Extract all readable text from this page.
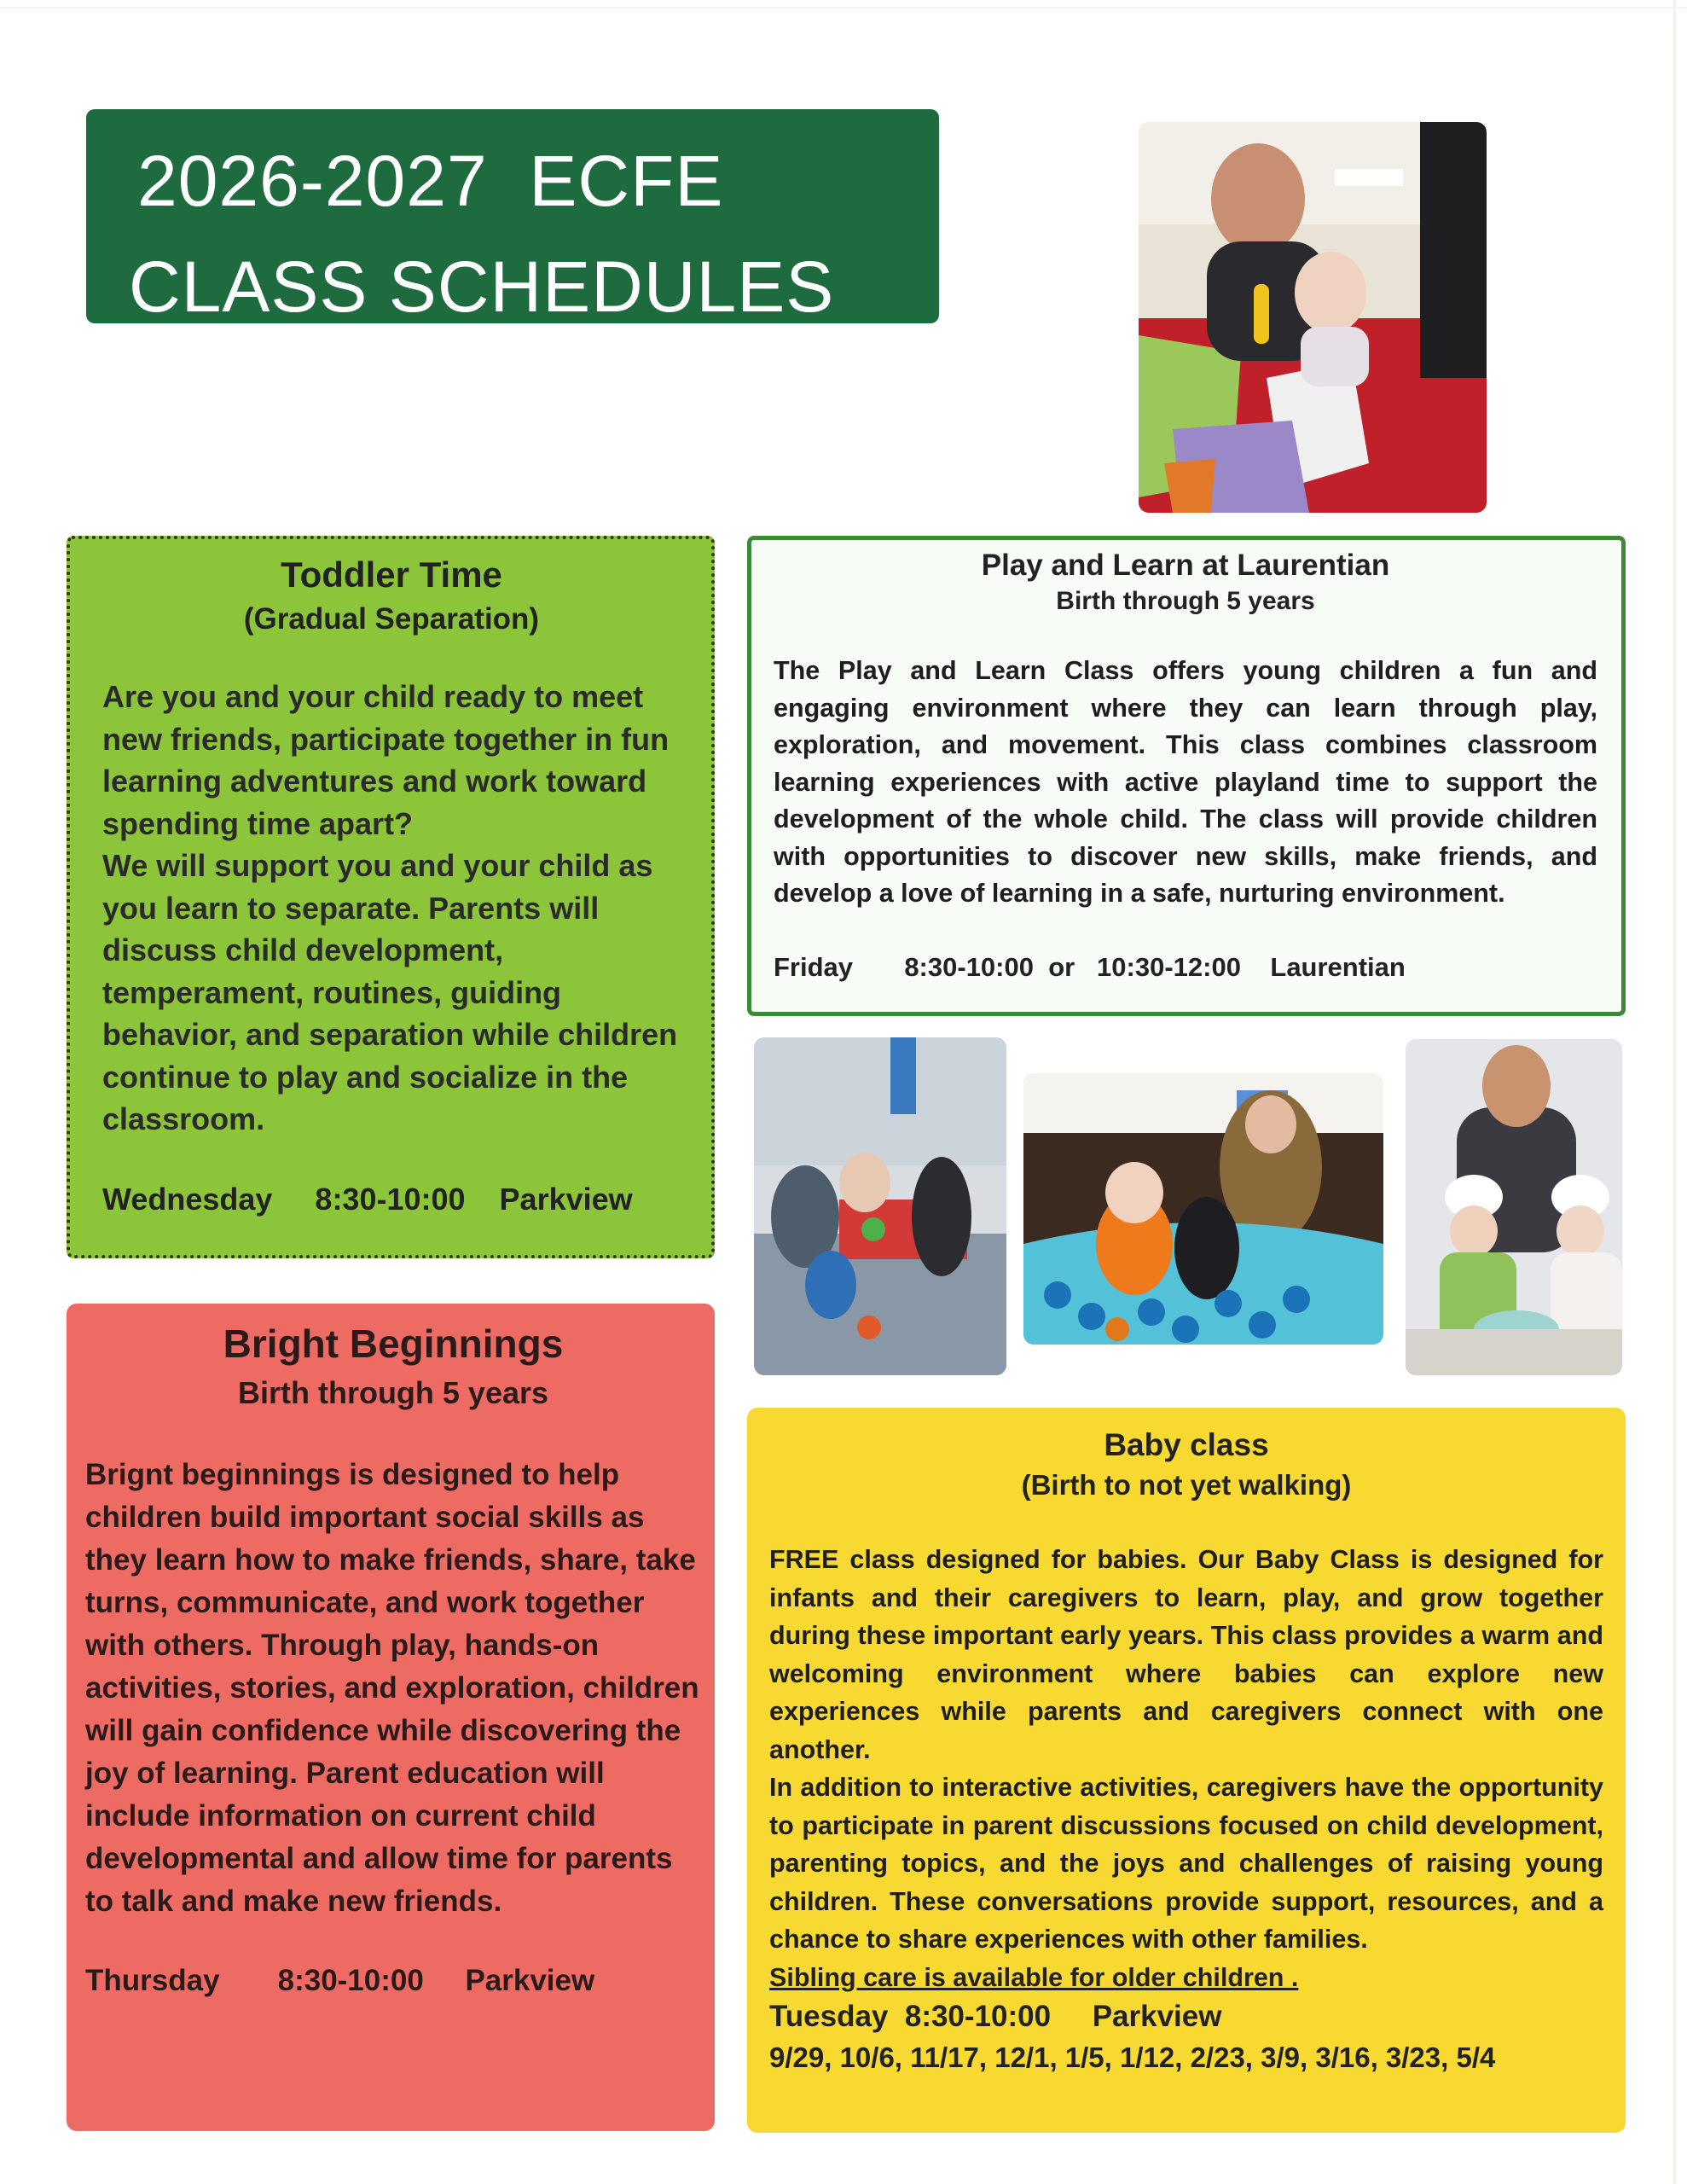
2026-2027  ECFE
CLASS SCHEDULES
Toddler Time
(Gradual Separation)

Are you and your child ready to meet new friends, participate together in fun learning adventures and work toward spending time apart?

We will support you and your child as you learn to separate. Parents will discuss child development, temperament, routines, guiding behavior, and separation while children continue to play and socialize in the classroom.

Wednesday     8:30-10:00    Parkview
Play and Learn at Laurentian
Birth through 5 years

The Play and Learn Class offers young children a fun and engaging environment where they can learn through play, exploration, and movement. This class combines classroom learning experiences with active playland time to support the development of the whole child. The class will provide children with opportunities to discover new skills, make friends, and develop a love of learning in a safe, nurturing environment.

Friday       8:30-10:00  or   10:30-12:00    Laurentian
Bright Beginnings
Birth through 5 years

Brignt beginnings is designed to help children build important social skills as they learn how to make friends, share, take turns, communicate, and work together with others. Through play, hands-on activities, stories, and exploration, children will gain confidence while discovering the joy of learning. Parent education will include information on current child developmental and allow time for parents to talk and make new friends.

Thursday       8:30-10:00     Parkview
Baby class
(Birth to not yet walking)

FREE class designed for babies. Our Baby Class is designed for infants and their caregivers to learn, play, and grow together during these important early years. This class provides a warm and welcoming environment where babies can explore new experiences while parents and caregivers connect with one another.

In addition to interactive activities, caregivers have the opportunity to participate in parent discussions focused on child development, parenting topics, and the joys and challenges of raising young children. These conversations provide support, resources, and a chance to share experiences with other families.

Sibling care is available for older children .
Tuesday  8:30-10:00     Parkview
9/29, 10/6, 11/17, 12/1, 1/5, 1/12, 2/23, 3/9, 3/16, 3/23, 5/4
